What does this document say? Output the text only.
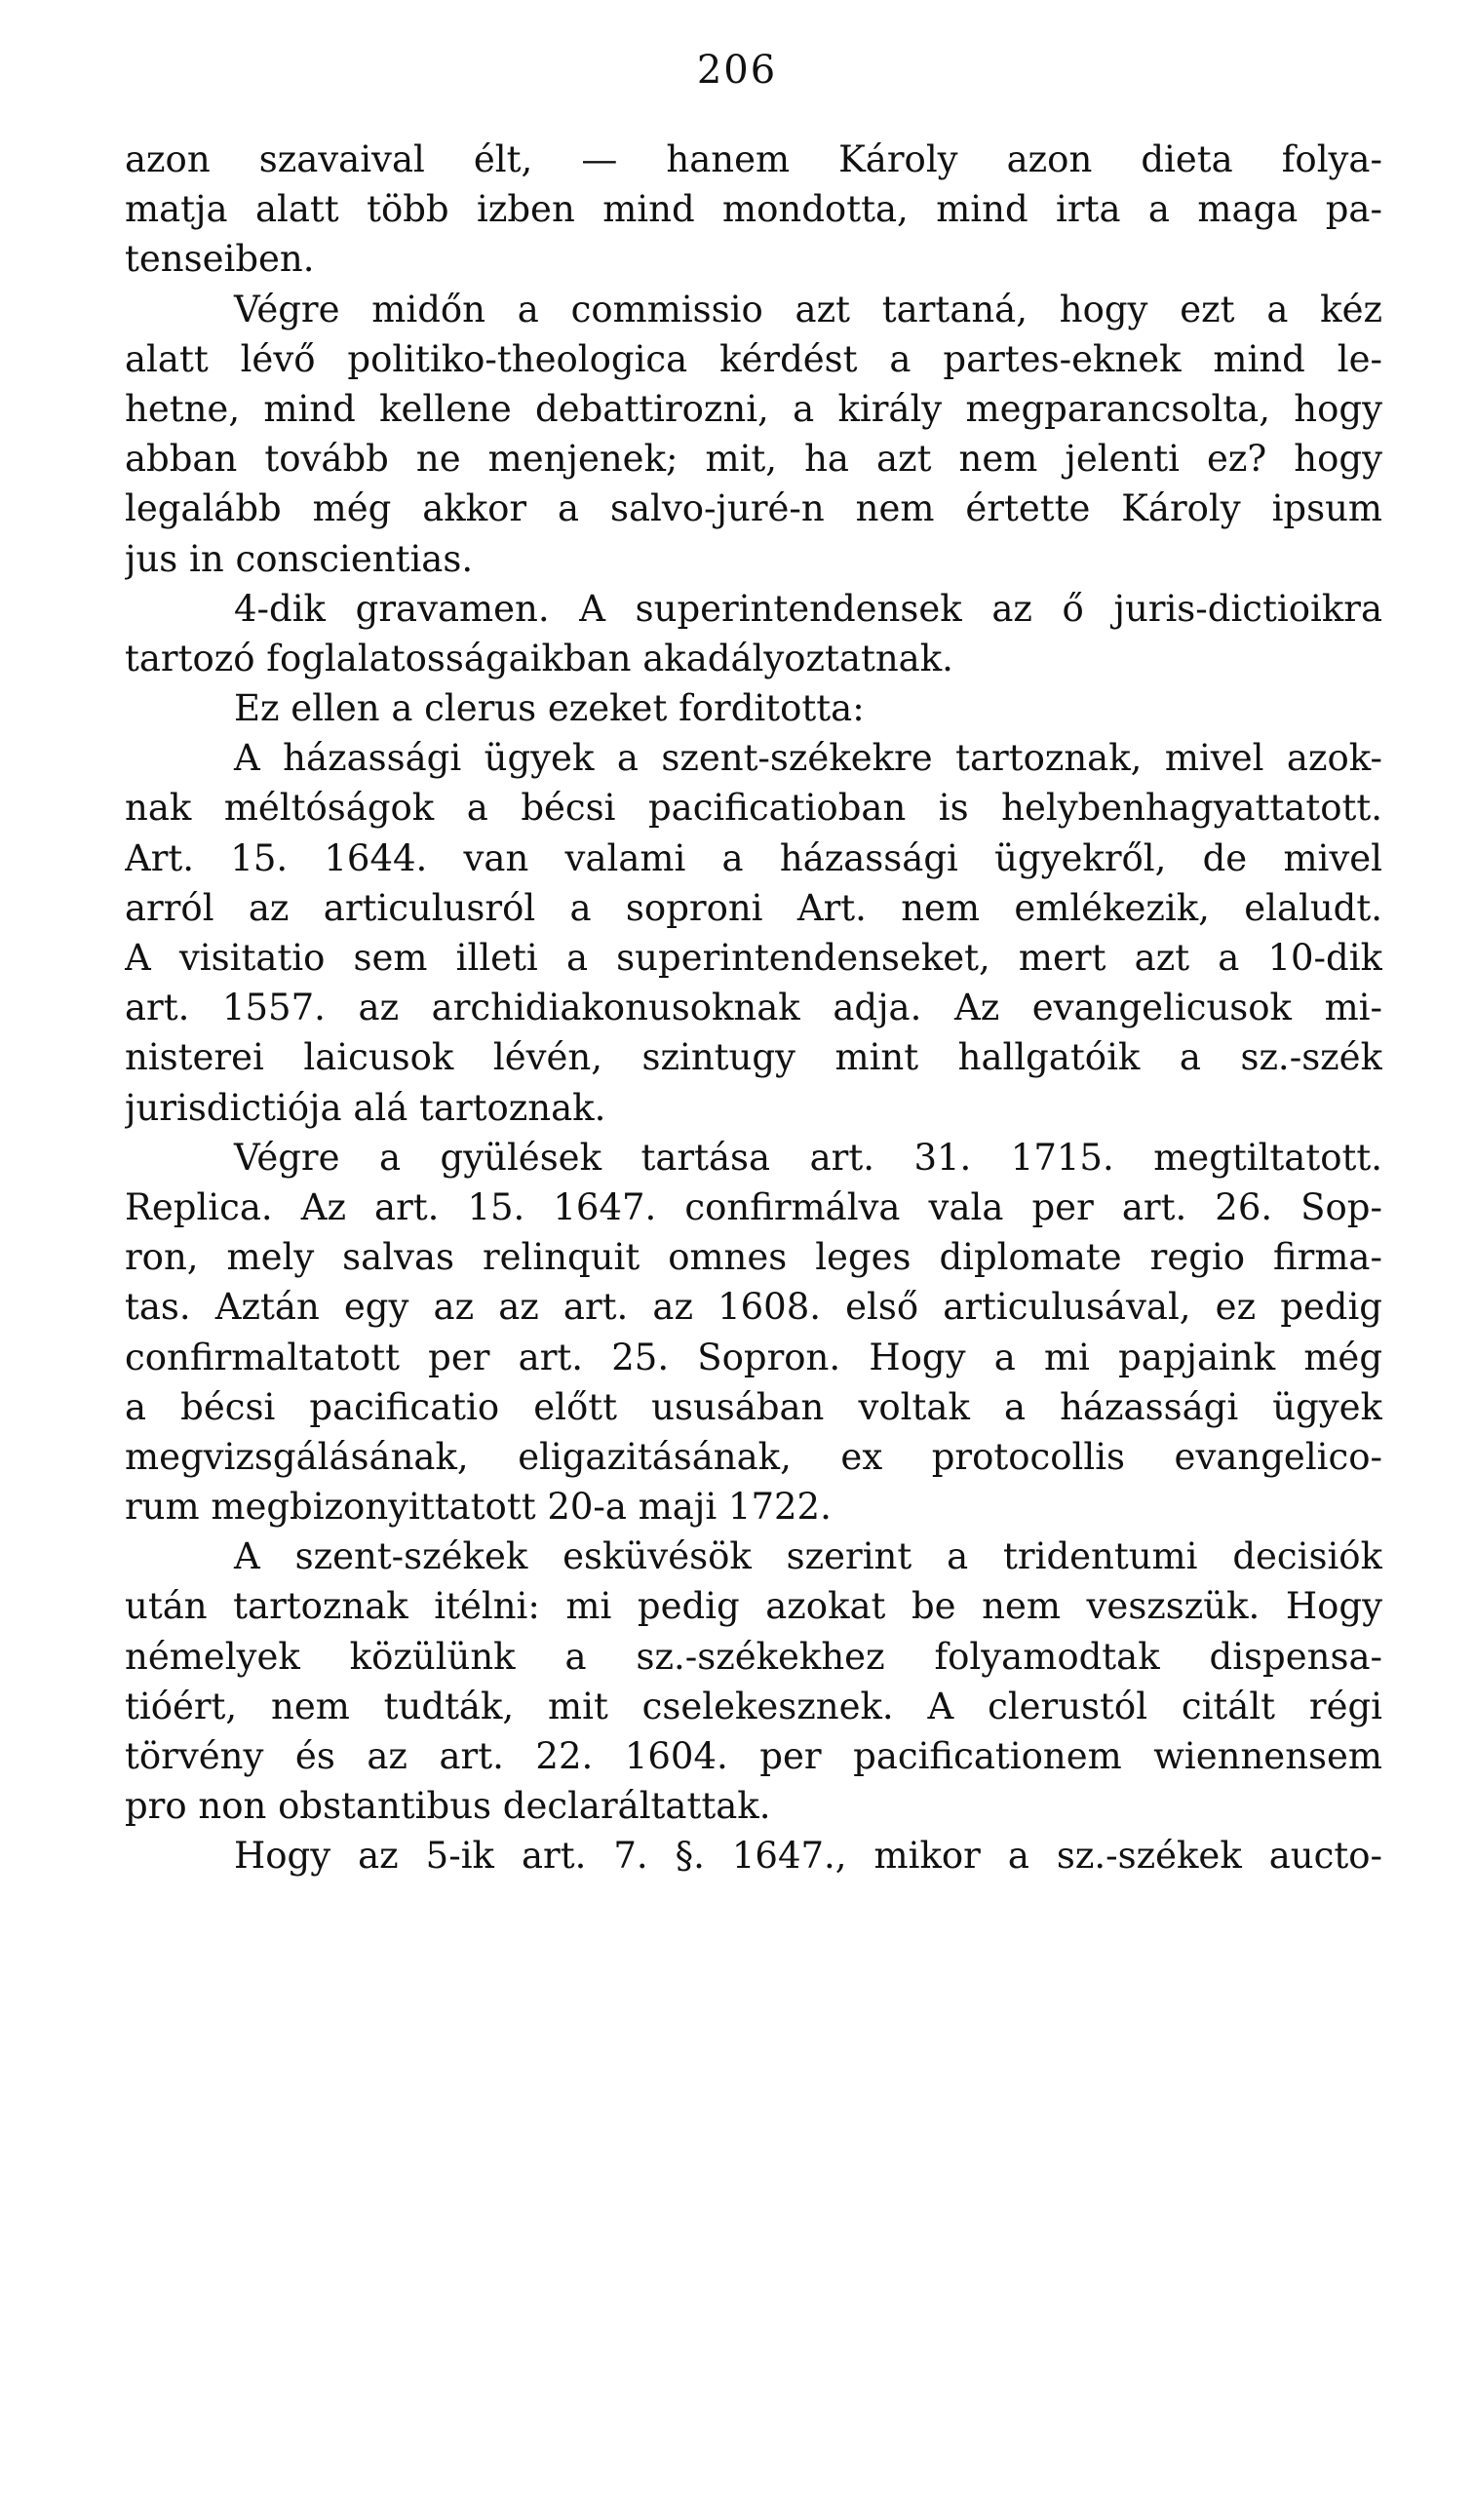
206
azon szavaival élt, — hanem Károly azon dieta folya-
matja alatt több izben mind mondotta, mind irta a maga pa-
tenseiben.
Végre midőn a commissio azt tartaná, hogy ezt a kéz
alatt lévő politiko-theologica kérdést a partes-eknek mind le-
hetne, mind kellene debattirozni, a király megparancsolta, hogy
abban tovább ne menjenek; mit, ha azt nem jelenti ez? hogy
legalább még akkor a salvo-juré-n nem értette Károly ipsum
jus in conscientias.
4-dik gravamen. A superintendensek az ő juris-dictioikra
tartozó foglalatosságaikban akadályoztatnak.
Ez ellen a clerus ezeket forditotta:
A házassági ügyek a szent-székekre tartoznak, mivel azok-
nak méltóságok a bécsi pacificatioban is helybenhagyattatott.
Art. 15. 1644. van valami a házassági ügyekről, de mivel
arról az articulusról a soproni Art. nem emlékezik, elaludt.
A visitatio sem illeti a superintendenseket, mert azt a 10-dik
art. 1557. az archidiakonusoknak adja. Az evangelicusok mi-
nisterei laicusok lévén, szintugy mint hallgatóik a sz.-szék
jurisdictiója alá tartoznak.
Végre a gyülések tartása art. 31. 1715. megtiltatott.
Replica. Az art. 15. 1647. confirmálva vala per art. 26. Sop-
ron, mely salvas relinquit omnes leges diplomate regio firma-
tas. Aztán egy az az art. az 1608. első articulusával, ez pedig
confirmaltatott per art. 25. Sopron. Hogy a mi papjaink még
a bécsi pacificatio előtt ususában voltak a házassági ügyek
megvizsgálásának, eligazitásának, ex protocollis evangelico-
rum megbizonyittatott 20-a maji 1722.
A szent-székek esküvésök szerint a tridentumi decisiók
után tartoznak itélni: mi pedig azokat be nem veszszük. Hogy
némelyek közülünk a sz.-székekhez folyamodtak dispensa-
tióért, nem tudták, mit cselekesznek. A clerustól citált régi
törvény és az art. 22. 1604. per pacificationem wiennensem
pro non obstantibus declaráltattak.
Hogy az 5-ik art. 7. §. 1647., mikor a sz.-székek aucto-
